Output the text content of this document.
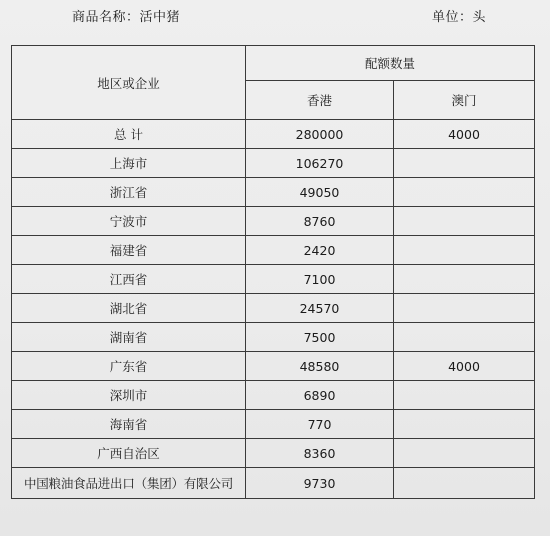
商品名称：活中猪	单位：头
地区或企业	配额数量	
	香港	澳门
总 计	280000	4000
上海市	106270	
浙江省	49050	
宁波市	8760	
福建省	2420	
江西省	7100	
湖北省	24570	
湖南省	7500	
广东省	48580	4000
深圳市	6890	
海南省	770	
广西自治区	8360	
中国粮油食品进出口（集团）有限公司	9730	
